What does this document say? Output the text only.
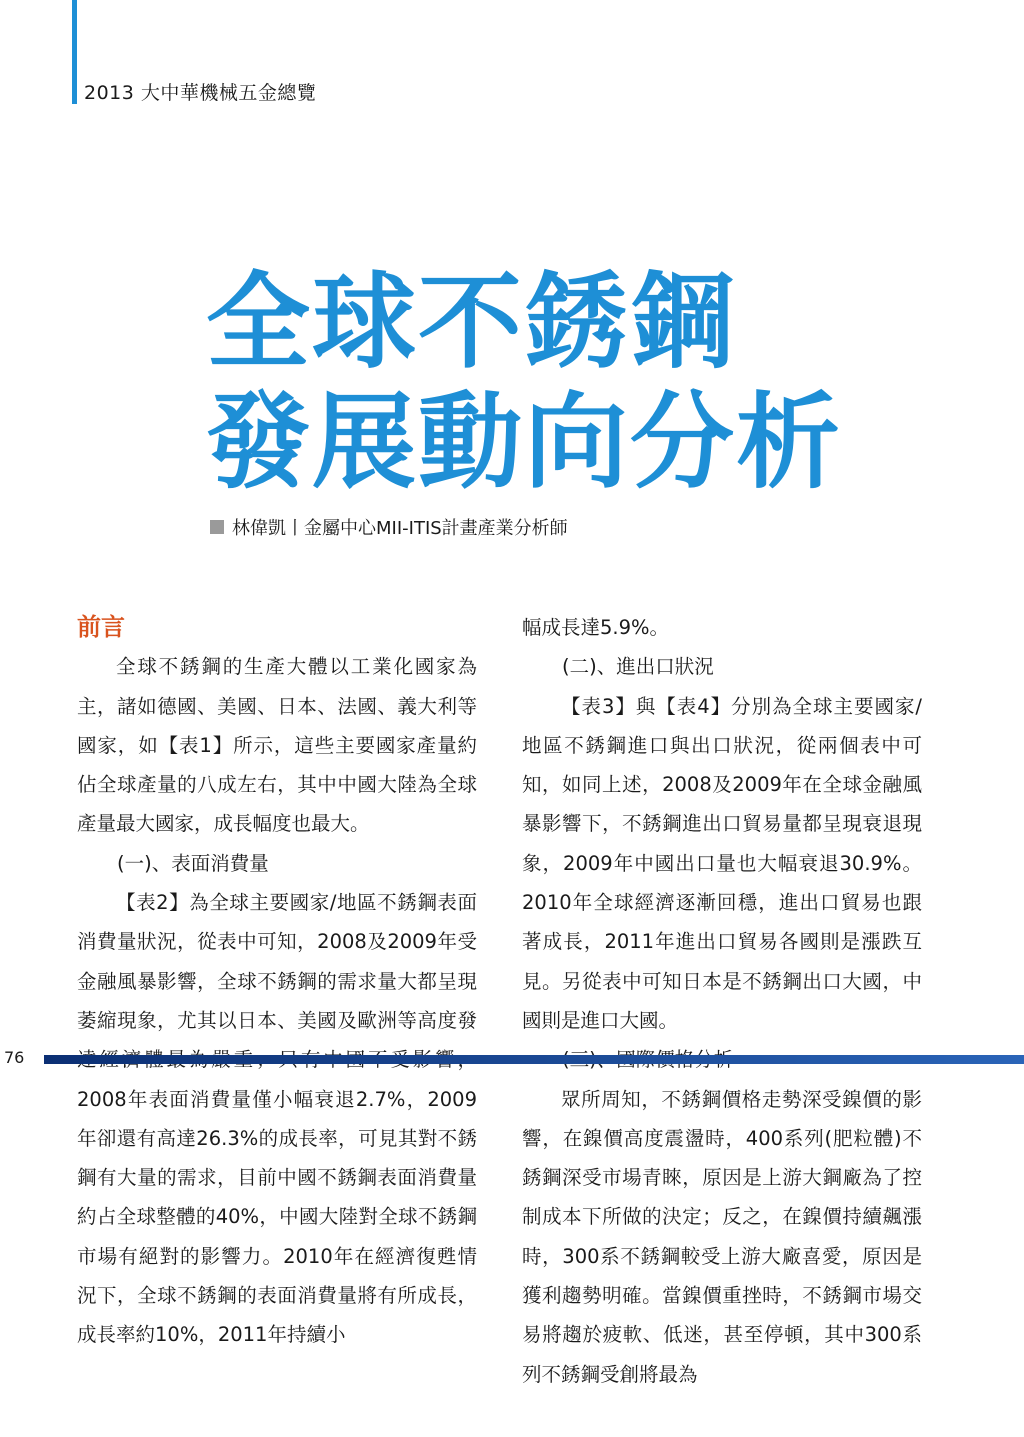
2013 大中華機械五金總覽
全球不銹鋼
發展動向分析
林偉凱丨金屬中心MII-ITIS計畫產業分析師
前言

全球不銹鋼的生產大體以工業化國家為主，諸如德國、美國、日本、法國、義大利等國家，如【表1】所示，這些主要國家產量約佔全球產量的八成左右，其中中國大陸為全球產量最大國家，成長幅度也最大。

(一)、表面消費量

【表2】為全球主要國家/地區不銹鋼表面消費量狀況，從表中可知，2008及2009年受金融風暴影響，全球不銹鋼的需求量大都呈現萎縮現象，尤其以日本、美國及歐洲等高度發 2008年表面消費量僅小幅衰退2.7%，2009年卻還有高達26.3%的成長率，可見其對不銹鋼有大量的需求，目前中國不銹鋼表面消費量約占全球整體的40%，中國大陸對全球不銹鋼市場有絕對的影響力。2010年在經濟復甦情況下，全球不銹鋼的表面消費量將有所成長，成長率約10%，2011年持續小

幅成長達5.9%。

(二)、進出口狀況

【表3】與【表4】分別為全球主要國家/地區不銹鋼進口與出口狀況，從兩個表中可知，如同上述，2008及2009年在全球金融風暴影響下，不銹鋼進出口貿易量都呈現衰退現象，2009年中國出口量也大幅衰退30.9%。2010年全球經濟逐漸回穩，進出口貿易也跟著成長，2011年進出口貿易各國則是漲跌互見。另從表中可知日本是不銹鋼出口大國，中國則是進口大國。

眾所周知，不銹鋼價格走勢深受鎳價的影響，在鎳價高度震盪時，400系列(肥粒體)不銹鋼深受市場青睞，原因是上游大鋼廠為了控制成本下所做的決定；反之，在鎳價持續飆漲時，300系不銹鋼較受上游大廠喜愛，原因是獲利趨勢明確。當鎳價重挫時，不銹鋼市場交易將趨於疲軟、低迷，甚至停頓，其中300系列不銹鋼受創將最為

76
